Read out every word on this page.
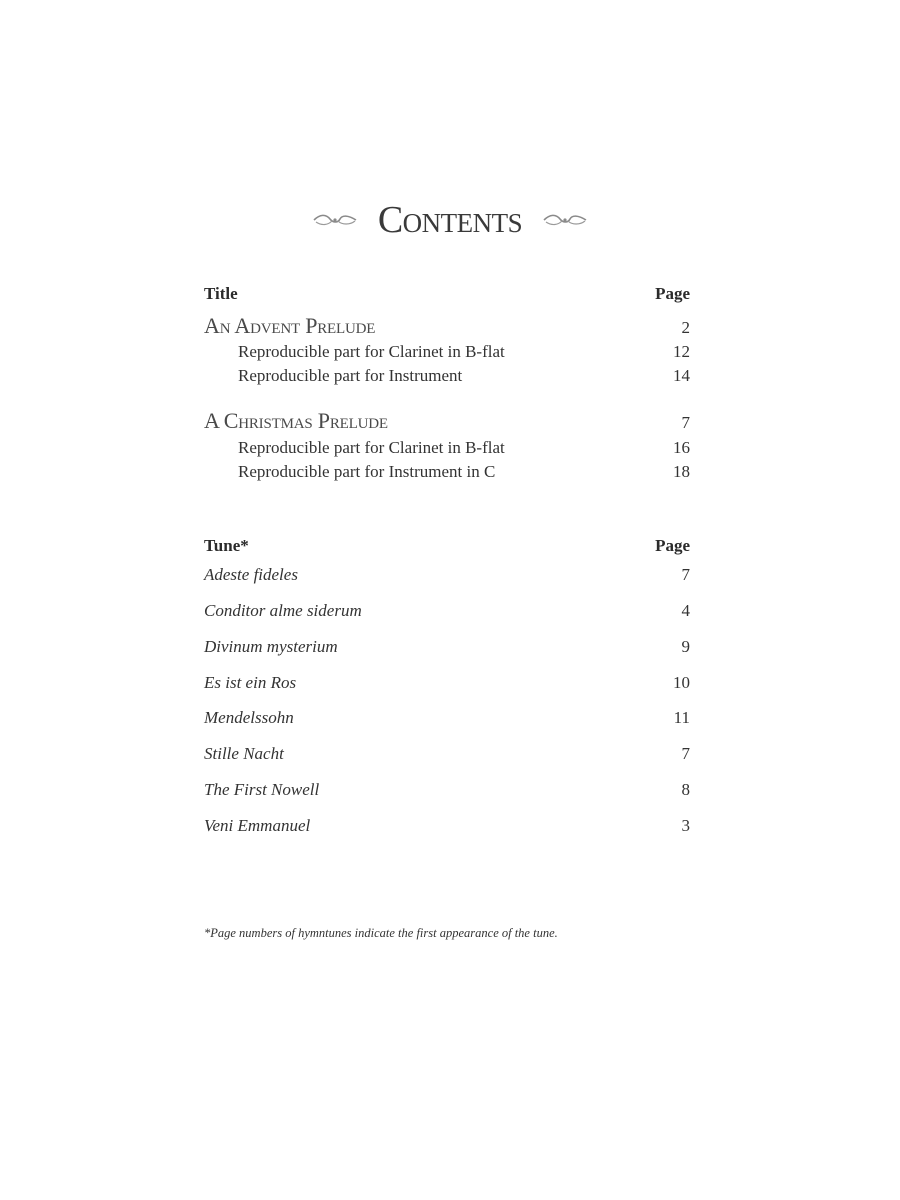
Contents
Title	Page
An Advent Prelude	2
Reproducible part for Clarinet in B-flat	12
Reproducible part for Instrument	14
A Christmas Prelude	7
Reproducible part for Clarinet in B-flat	16
Reproducible part for Instrument in C	18
Tune*	Page
Adeste fideles	7
Conditor alme siderum	4
Divinum mysterium	9
Es ist ein Ros	10
Mendelssohn	11
Stille Nacht	7
The First Nowell	8
Veni Emmanuel	3
*Page numbers of hymntunes indicate the first appearance of the tune.
